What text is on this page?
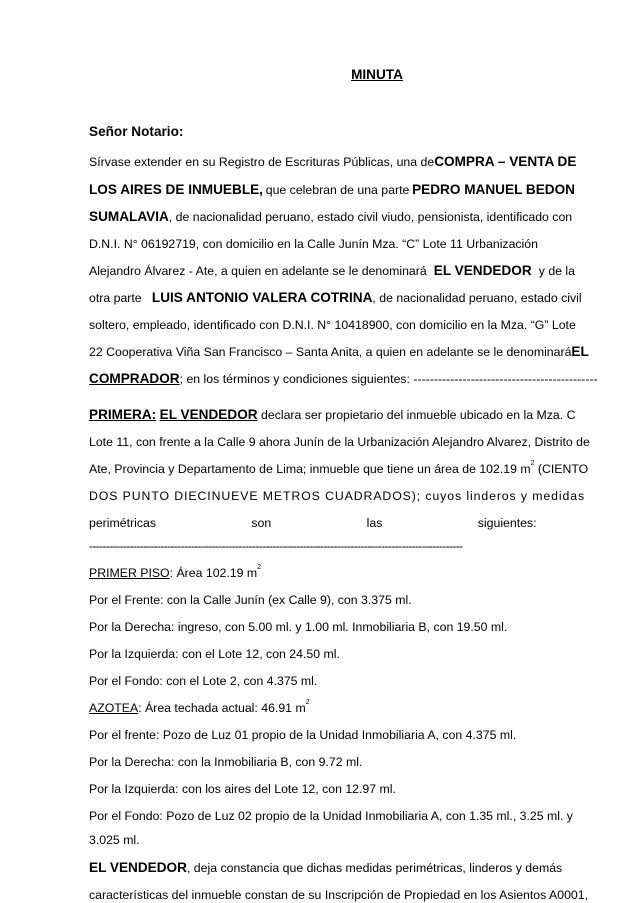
MINUTA
Señor Notario:
Sírvase extender en su Registro de Escrituras Públicas, una de COMPRA – VENTA DE
LOS AIRES DE INMUEBLE, que celebran de una parte PEDRO MANUEL BEDON
SUMALAVIA, de nacionalidad peruano, estado civil viudo, pensionista, identificado con
D.N.I. N° 06192719, con domicilio en la Calle Junín Mza. “C” Lote 11 Urbanización
Alejandro Álvarez - Ate, a quien en adelante se le denominará EL VENDEDOR y de la
otra parte LUIS ANTONIO VALERA COTRINA, de nacionalidad peruano, estado civil
soltero, empleado, identificado con D.N.I. N° 10418900, con domicilio en la Mza. “G” Lote
22 Cooperativa Viña San Francisco – Santa Anita, a quien en adelante se le denominará EL
COMPRADOR; en los términos y condiciones siguientes: ---------------------------------------------
PRIMERA: EL VENDEDOR declara ser propietario del inmueble ubicado en la Mza. C
Lote 11, con frente a la Calle 9 ahora Junín de la Urbanización Alejandro Alvarez, Distrito de
Ate, Provincia y Departamento de Lima; inmueble que tiene un área de 102.19 $m^2$ (CIENTO
DOS PUNTO DIECINUEVE METROS CUADRADOS); cuyos linderos y medidas
perimétricas son las siguientes:
--------------------------------------------------------------------------------------------------------------
PRIMER PISO: Área 102.19 $m^2$
Por el Frente: con la Calle Junín (ex Calle 9), con 3.375 ml.
Por la Derecha: ingreso, con 5.00 ml. y 1.00 ml. Inmobiliaria B, con 19.50 ml.
Por la Izquierda: con el Lote 12, con 24.50 ml.
Por el Fondo: con el Lote 2, con 4.375 ml.
AZOTEA: Área techada actual: 46.91 $m^2$
Por el frente: Pozo de Luz 01 propio de la Unidad Inmobiliaria A, con 4.375 ml.
Por la Derecha: con la Inmobiliaria B, con 9.72 ml.
Por la Izquierda: con los aires del Lote 12, con 12.97 ml.
Por el Fondo: Pozo de Luz 02 propio de la Unidad Inmobiliaria A, con 1.35 ml., 3.25 ml. y
3.025 ml.
EL VENDEDOR, deja constancia que dichas medidas perimétricas, linderos y demás
características del inmueble constan de su Inscripción de Propiedad en los Asientos A0001,
